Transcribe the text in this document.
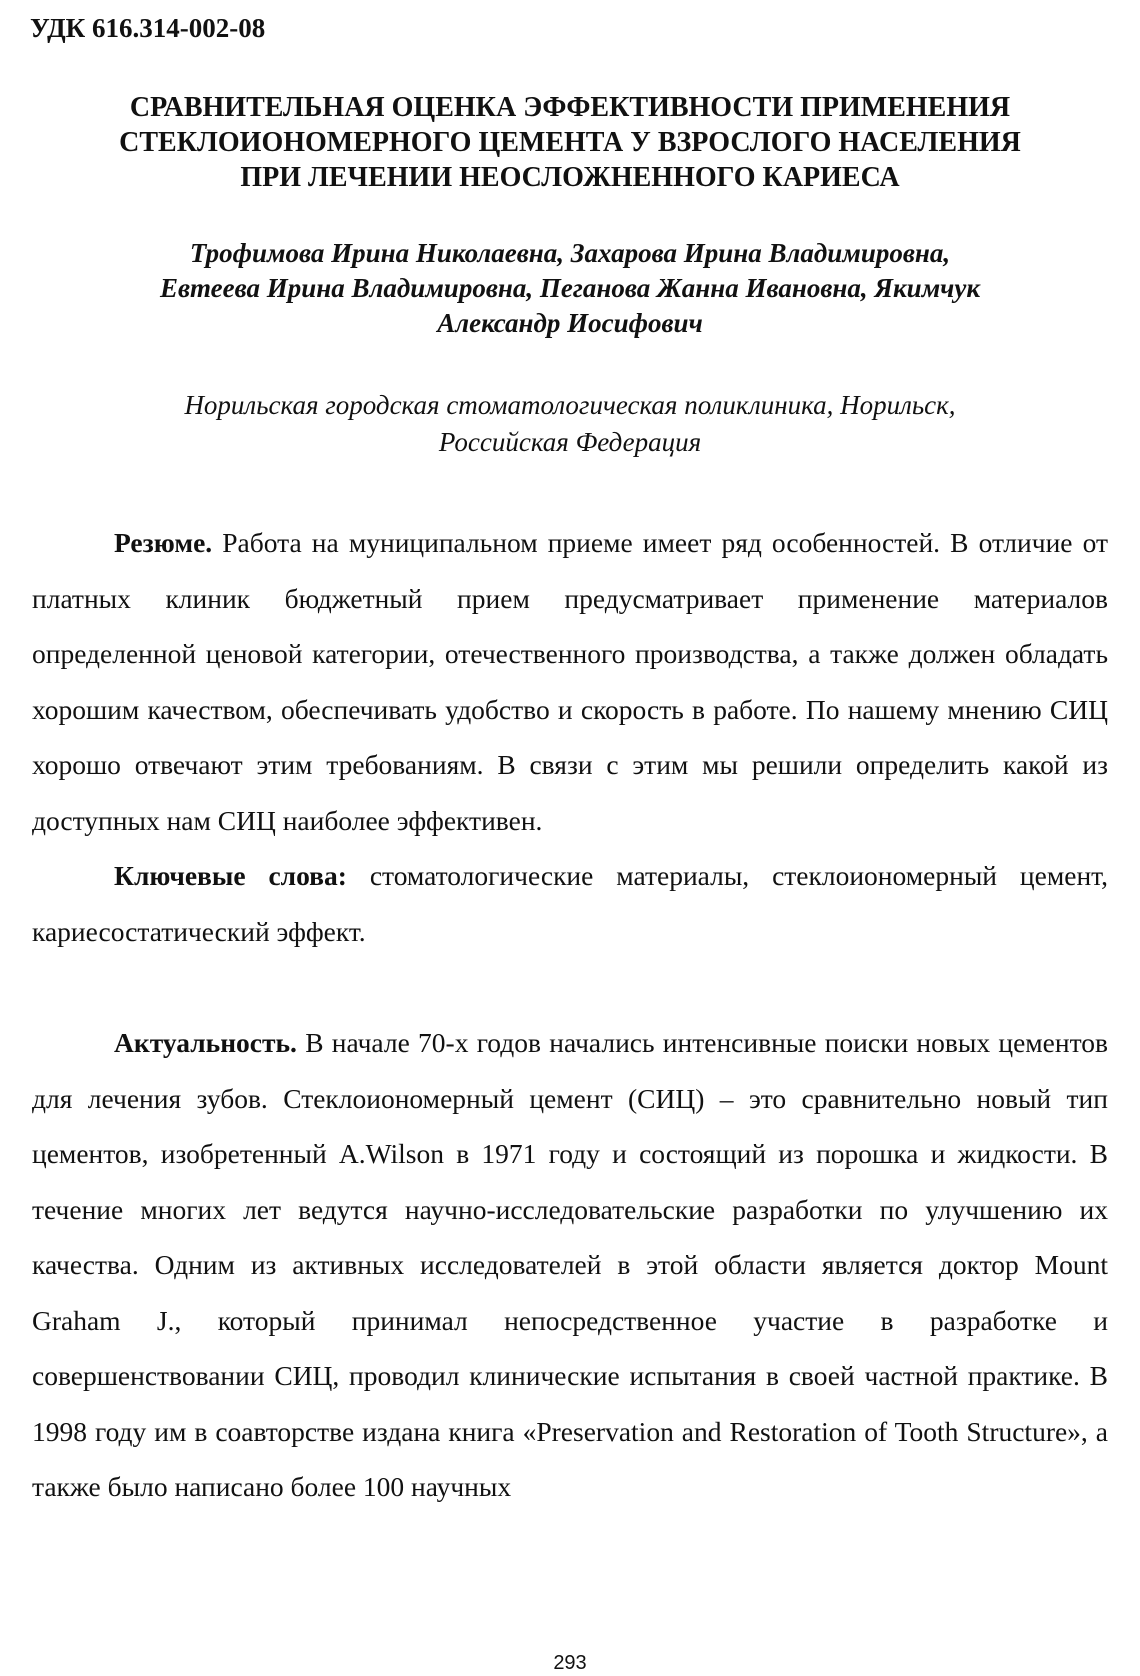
УДК 616.314-002-08
СРАВНИТЕЛЬНАЯ ОЦЕНКА ЭФФЕКТИВНОСТИ ПРИМЕНЕНИЯ
СТЕКЛОИОНОМЕРНОГО ЦЕМЕНТА У ВЗРОСЛОГО НАСЕЛЕНИЯ
ПРИ ЛЕЧЕНИИ НЕОСЛОЖНЕННОГО КАРИЕСА
Трофимова Ирина Николаевна, Захарова Ирина Владимировна,
Евтеева Ирина Владимировна, Пеганова Жанна Ивановна, Якимчук
Александр Иосифович
Норильская городская стоматологическая поликлиника, Норильск,
Российская Федерация

Резюме. Работа на муниципальном приеме имеет ряд особенностей. В отличие от платных клиник бюджетный прием предусматривает применение материалов определенной ценовой категории, отечественного производства, а также должен обладать хорошим качеством, обеспечивать удобство и скорость в работе. По нашему мнению СИЦ хорошо отвечают этим требованиям. В связи с этим мы решили определить какой из доступных нам СИЦ наиболее эффективен.

Ключевые слова: стоматологические материалы, стеклоиономерный цемент, кариесостатический эффект.

Актуальность. В начале 70-х годов начались интенсивные поиски новых цементов для лечения зубов. Стеклоиономерный цемент (СИЦ) – это сравнительно новый тип цементов, изобретенный A.Wilson в 1971 году и состоящий из порошка и жидкости. В течение многих лет ведутся научно-исследовательские разработки по улучшению их качества. Одним из активных исследователей в этой области является доктор Mount Graham J., который принимал непосредственное участие в разработке и совершенствовании СИЦ, проводил клинические испытания в своей частной практике. В 1998 году им в соавторстве издана книга «Preservation and Restoration of Tooth Structure», а также было написано более 100 научных

293
